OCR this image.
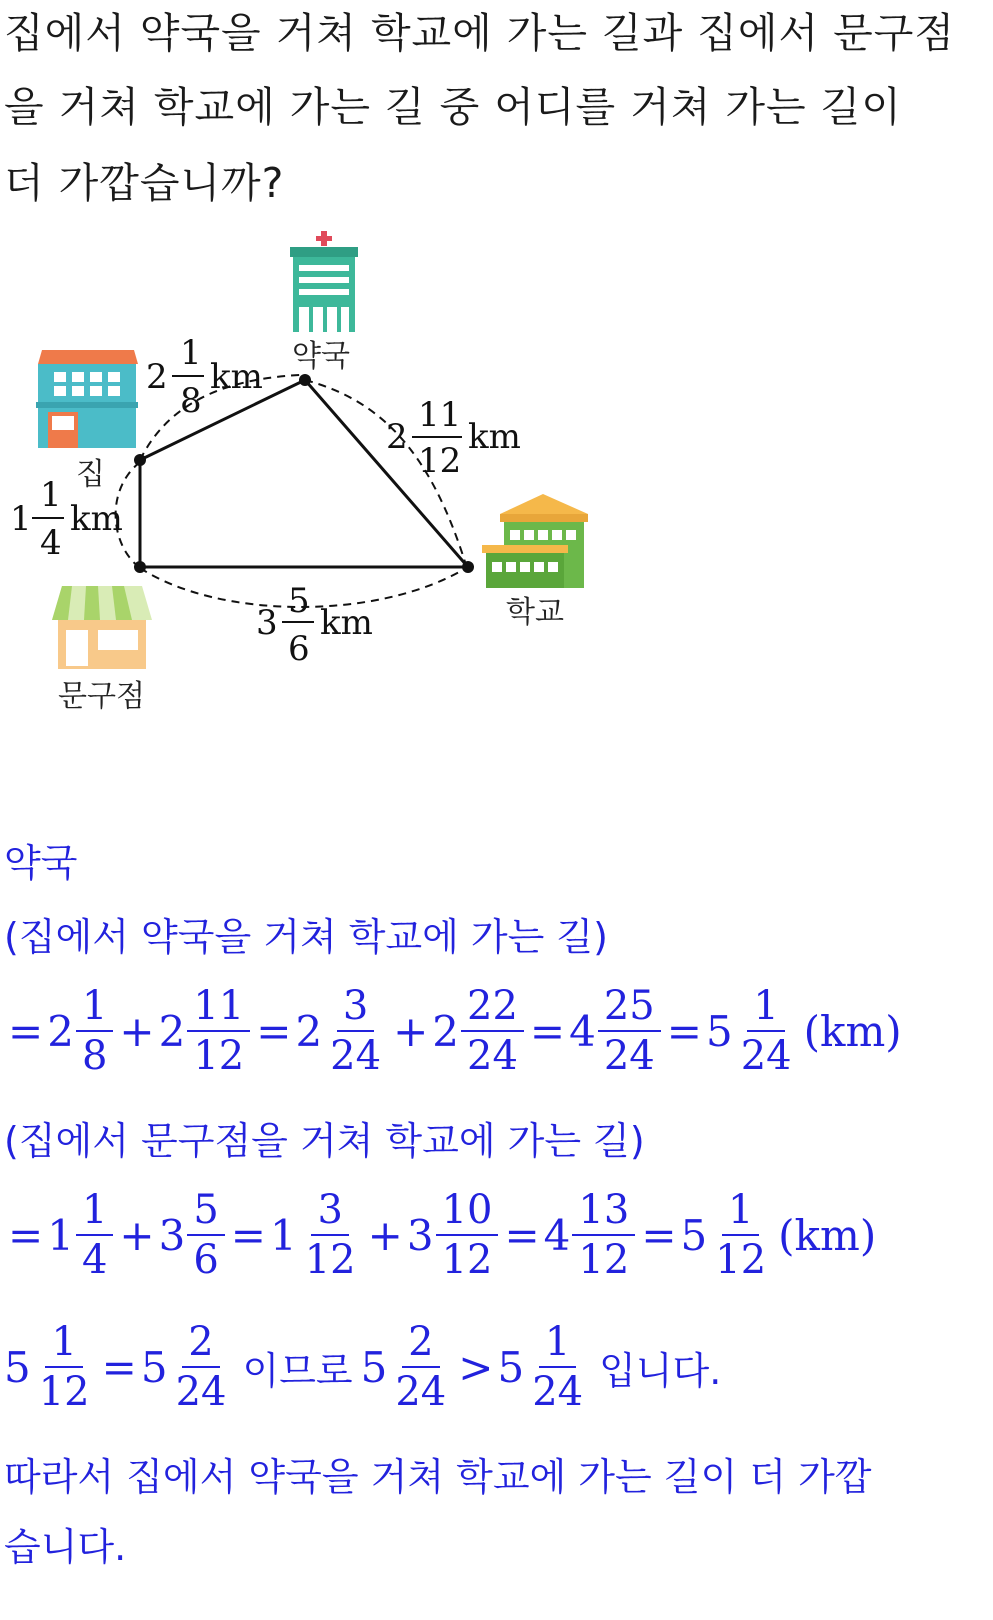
집에서 약국을 거쳐 학교에 가는 길과 집에서 문구점
을 거쳐 학교에 가는 길 중 어디를 거쳐 가는 길이
더 가깝습니까?
약국
집
학교
문구점
2
1
8
km
2
11
12
km
1
1
4
km
3
5
6
km
약국
(집에서 약국을 거쳐 학교에 가는 길)
= $2 \frac{1}{8} + 2 \frac{11}{12} = 2 \frac{3}{24} + 2 \frac{22}{24} = 4 \frac{25}{24} = 5 \frac{1}{24} (km)$
(집에서 문구점을 거쳐 학교에 가는 길)
= $1 \frac{1}{4} + 3 \frac{5}{6} = 1 \frac{3}{12} + 3 \frac{10}{12} = 4 \frac{13}{12} = 5 \frac{1}{12} (km)$
$5 \frac{1}{12} = 5 \frac{2}{24}$ 이므로 $5 \frac{2}{24} > 5 \frac{1}{24}$ 입니다.
따라서 집에서 약국을 거쳐 학교에 가는 길이 더 가깝
습니다.
